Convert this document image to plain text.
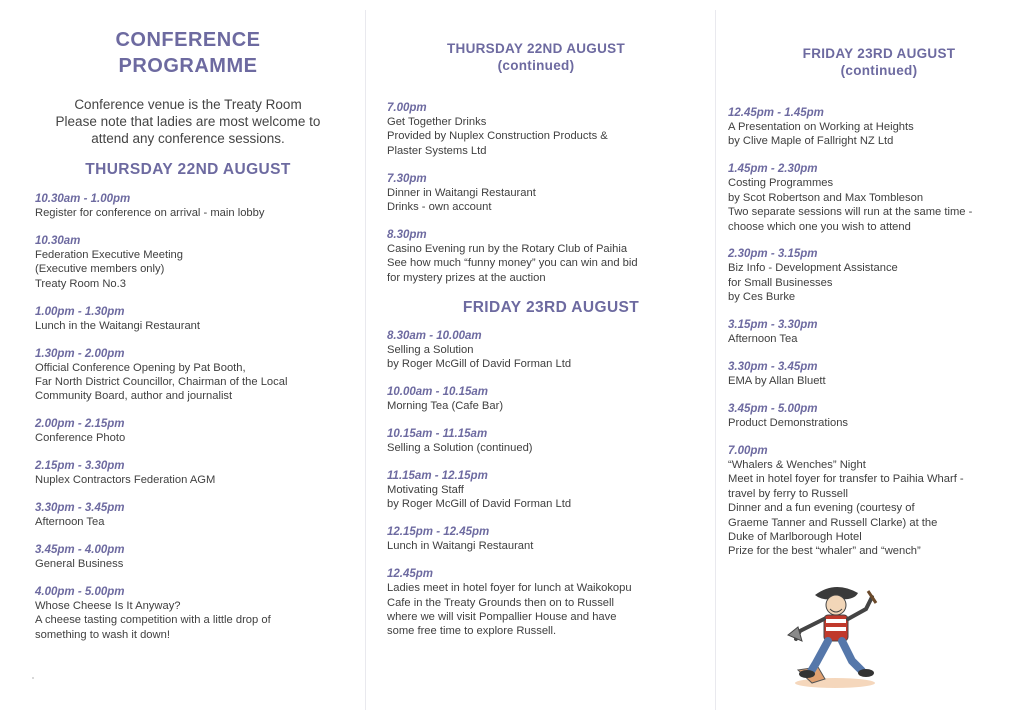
CONFERENCE
PROGRAMME
Conference venue is the Treaty Room
Please note that ladies are most welcome to
attend any conference sessions.
THURSDAY 22ND AUGUST
10.30am - 1.00pm
Register for conference on arrival - main lobby
10.30am
Federation Executive Meeting
(Executive members only)
Treaty Room No.3
1.00pm - 1.30pm
Lunch in the Waitangi Restaurant
1.30pm - 2.00pm
Official Conference Opening by Pat Booth,
Far North District Councillor, Chairman of the Local
Community Board, author and journalist
2.00pm - 2.15pm
Conference Photo
2.15pm - 3.30pm
Nuplex Contractors Federation AGM
3.30pm - 3.45pm
Afternoon Tea
3.45pm - 4.00pm
General Business
4.00pm - 5.00pm
Whose Cheese Is It Anyway?
A cheese tasting competition with a little drop of
something to wash it down!
THURSDAY 22ND AUGUST
(continued)
7.00pm
Get Together Drinks
Provided by Nuplex Construction Products &
Plaster Systems Ltd
7.30pm
Dinner in Waitangi Restaurant
Drinks - own account
8.30pm
Casino Evening run by the Rotary Club of Paihia
See how much “funny money” you can win and bid
for mystery prizes at the auction
FRIDAY 23RD AUGUST
8.30am - 10.00am
Selling a Solution
by Roger McGill of David Forman Ltd
10.00am - 10.15am
Morning Tea (Cafe Bar)
10.15am - 11.15am
Selling a Solution (continued)
11.15am - 12.15pm
Motivating Staff
by Roger McGill of David Forman Ltd
12.15pm - 12.45pm
Lunch in Waitangi Restaurant
12.45pm
Ladies meet in hotel foyer for lunch at Waikokopu
Cafe in the Treaty Grounds then on to Russell
where we will visit Pompallier House and have
some free time to explore Russell.
FRIDAY 23RD AUGUST
(continued)
12.45pm - 1.45pm
A Presentation on Working at Heights
by Clive Maple of Fallright NZ Ltd
1.45pm - 2.30pm
Costing Programmes
by Scot Robertson and Max Tombleson
Two separate sessions will run at the same time -
choose which one you wish to attend
2.30pm - 3.15pm
Biz Info - Development Assistance
for Small Businesses
by Ces Burke
3.15pm - 3.30pm
Afternoon Tea
3.30pm - 3.45pm
EMA by Allan Bluett
3.45pm - 5.00pm
Product Demonstrations
7.00pm
“Whalers & Wenches” Night
Meet in hotel foyer for transfer to Paihia Wharf -
travel by ferry to Russell
Dinner and a fun evening (courtesy of
Graeme Tanner and Russell Clarke) at the
Duke of Marlborough Hotel
Prize for the best “whaler” and “wench”
